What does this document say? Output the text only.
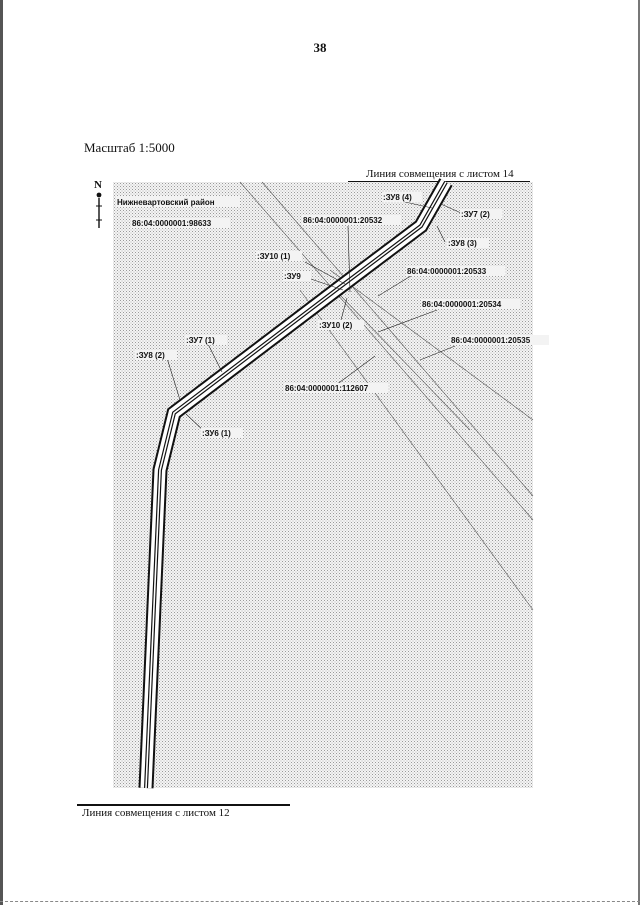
38
Масштаб 1:5000
Линия совмещения с листом 14
Нижневартовский район
86:04:0000001:98633
:ЗУ8 (4)
:ЗУ7 (2)
86:04:0000001:20532
:ЗУ8 (3)
:ЗУ10 (1)
:ЗУ9
86:04:0000001:20533
86:04:0000001:20534
:ЗУ10 (2)
86:04:0000001:20535
:ЗУ7 (1)
:ЗУ8 (2)
86:04:0000001:112607
:ЗУ6 (1)
N
Линия совмещения с листом 12
